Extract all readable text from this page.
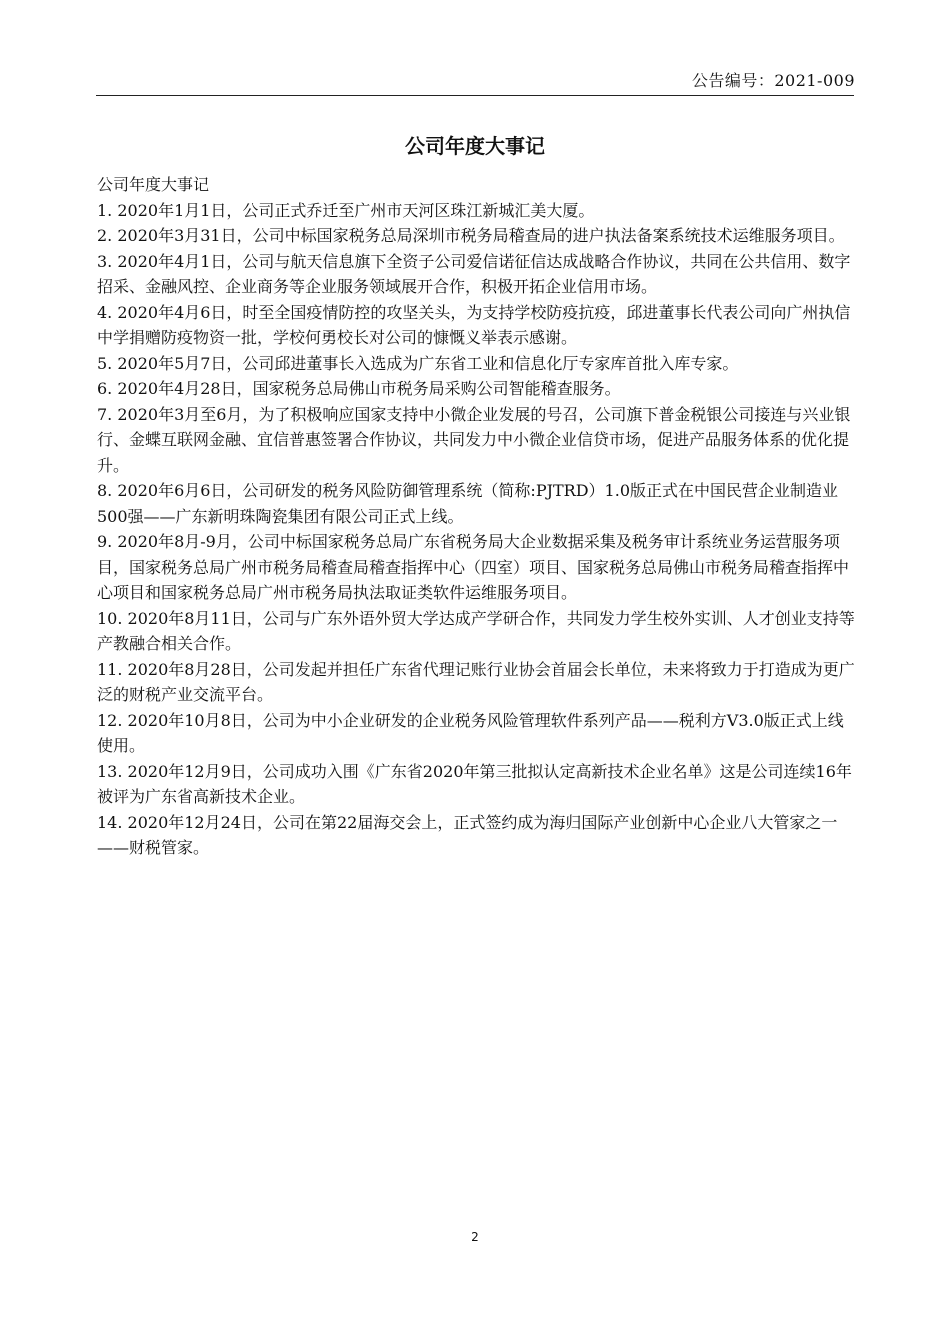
公告编号：2021-009
公司年度大事记

公司年度大事记

1. 2020年1月1日，公司正式乔迁至广州市天河区珠江新城汇美大厦。

2. 2020年3月31日，公司中标国家税务总局深圳市税务局稽查局的进户执法备案系统技术运维服务项目。

3. 2020年4月1日，公司与航天信息旗下全资子公司爱信诺征信达成战略合作协议，共同在公共信用、数字招采、金融风控、企业商务等企业服务领域展开合作，积极开拓企业信用市场。

4. 2020年4月6日，时至全国疫情防控的攻坚关头，为支持学校防疫抗疫，邱进董事长代表公司向广州执信中学捐赠防疫物资一批，学校何勇校长对公司的慷慨义举表示感谢。

5. 2020年5月7日，公司邱进董事长入选成为广东省工业和信息化厅专家库首批入库专家。

6. 2020年4月28日，国家税务总局佛山市税务局采购公司智能稽查服务。

7. 2020年3月至6月，为了积极响应国家支持中小微企业发展的号召，公司旗下普金税银公司接连与兴业银行、金蝶互联网金融、宜信普惠签署合作协议，共同发力中小微企业信贷市场，促进产品服务体系的优化提升。

8. 2020年6月6日，公司研发的税务风险防御管理系统（简称:PJTRD）1.0版正式在中国民营企业制造业500强——广东新明珠陶瓷集团有限公司正式上线。

9. 2020年8月-9月，公司中标国家税务总局广东省税务局大企业数据采集及税务审计系统业务运营服务项目，国家税务总局广州市税务局稽查局稽查指挥中心（四室）项目、国家税务总局佛山市税务局稽查指挥中心项目和国家税务总局广州市税务局执法取证类软件运维服务项目。

10. 2020年8月11日，公司与广东外语外贸大学达成产学研合作，共同发力学生校外实训、人才创业支持等产教融合相关合作。

11. 2020年8月28日，公司发起并担任广东省代理记账行业协会首届会长单位，未来将致力于打造成为更广泛的财税产业交流平台。

12. 2020年10月8日，公司为中小企业研发的企业税务风险管理软件系列产品——税利方V3.0版正式上线使用。

13. 2020年12月9日，公司成功入围《广东省2020年第三批拟认定高新技术企业名单》这是公司连续16年被评为广东省高新技术企业。

14. 2020年12月24日，公司在第22届海交会上，正式签约成为海归国际产业创新中心企业八大管家之一——财税管家。

2
